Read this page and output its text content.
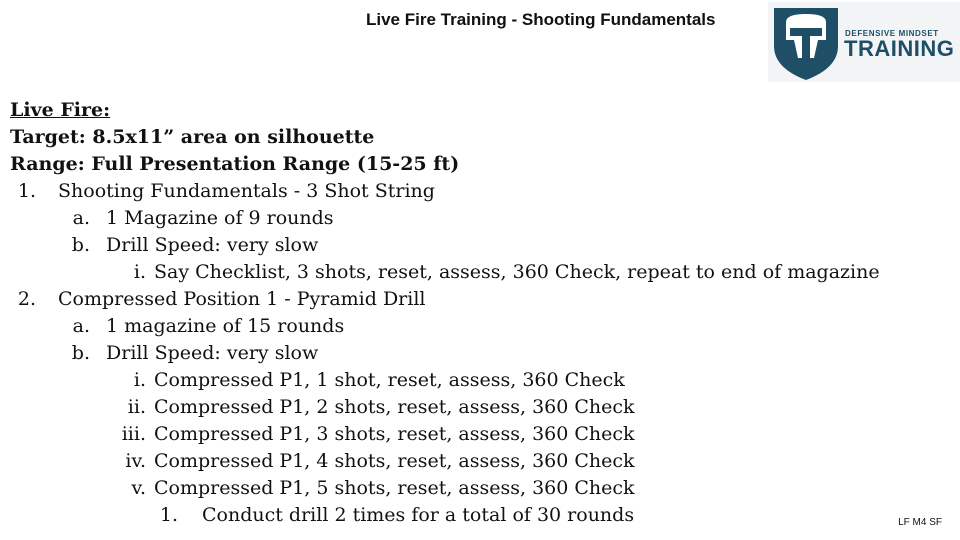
Live Fire Training - Shooting Fundamentals
DEFENSIVE MINDSET
TRAINING
Live Fire:
Target: 8.5x11” area on silhouette
Range: Full Presentation Range (15-25 ft)
1. Shooting Fundamentals - 3 Shot String
a. 1 Magazine of 9 rounds
b. Drill Speed: very slow
i. Say Checklist, 3 shots, reset, assess, 360 Check, repeat to end of magazine
2. Compressed Position 1 - Pyramid Drill
a. 1 magazine of 15 rounds
b. Drill Speed: very slow
i. Compressed P1, 1 shot, reset, assess, 360 Check
ii. Compressed P1, 2 shots, reset, assess, 360 Check
iii. Compressed P1, 3 shots, reset, assess, 360 Check
iv. Compressed P1, 4 shots, reset, assess, 360 Check
v. Compressed P1, 5 shots, reset, assess, 360 Check
1. Conduct drill 2 times for a total of 30 rounds	LF M4 SF
